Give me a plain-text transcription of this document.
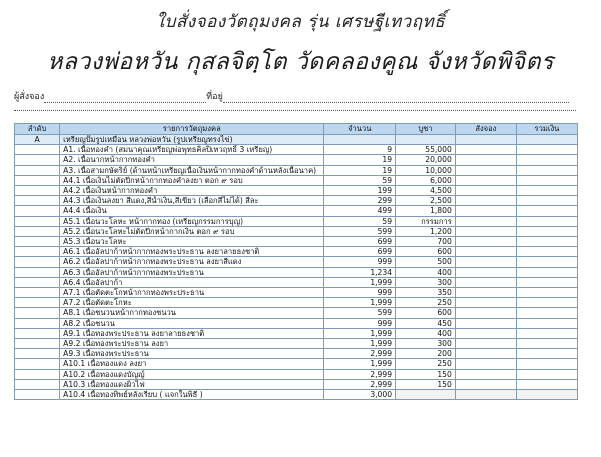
ใบสั่งจองวัตถุมงคล รุ่น เศรษฐีเทวฤทธิ์
หลวงพ่อหวัน กุสลจิตฺโต วัดคลองคูณ จังหวัดพิจิตร
ผู้สั่งจอง	ที่อยู่
ลำดับ	รายการวัตถุมงคล	จำนวน	บูชา	สั่งจอง	รวมเงิน
A	เหรียญปั๊มรูปเหมือน หลวงพ่อหวัน (รูปเหรียญทรงไข่)				
	A1. เนื้อทองคำ (สมนาคุณเหรียญพ่อพุทธคิลปิเทวฤทธิ์ 3 เหรียญ)	9	55,000		
	A2. เนื้อนากหน้ากากทองคำ	19	20,000		
	A3. เนื้อสามกษัตริย์ (ด้านหน้าเหรียญเนื้อเงินหน้ากากทองคำด้านหลังเนื้อนาค)	19	10,000		
	A4.1 เนื้อเงินไม่ตัดปีกหน้ากากทองคำลงยา ตอก ๙ รอบ	59	6,000		
	A4.2 เนื้อเงินหน้ากากทองคำ	199	4,500		
	A4.3 เนื้อเงินลงยา สีแดง,สีน้ำเงิน,สีเขียว (เลือกสีไม่ได้) สีละ	299	2,500		
	A4.4 เนื้อเงิน	499	1,800		
	A5.1 เนื้อนวะโลหะ หน้ากากทอง (เหรียญกรรมการบุญ)	59	กรรมการ		
	A5.2 เนื้อนวะโลหะไม่ตัดปีกหน้ากากเงิน ตอก ๙ รอบ	599	1,200		
	A5.3 เนื้อนวะโลหะ	699	700		
	A6.1 เนื้ออัลปาก้าหน้ากากทองพระประธาน ลงยาลายธงชาติ	699	600		
	A6.2 เนื้ออัลปาก้าหน้ากากทองพระประธาน ลงยาสีแดง	999	500		
	A6.3 เนื้ออัลปาก้าหน้ากากทองพระประธาน	1,234	400		
	A6.4 เนื้ออัลปาก้า	1,999	300		
	A7.1 เนื้อตัดตะโกหน้ากากทองพระประธาน	999	350		
	A7.2 เนื้อตัดตะโกหะ	1,999	250		
	A8.1 เนื้อชนวนหน้ากากทองชนวน	599	600		
	A8.2 เนื้อชนวน	999	450		
	A9.1 เนื้อทองพระประธาน ลงยาลายธงชาติ	1,999	400		
	A9.2 เนื้อทองพระประธาน ลงยา	1,999	300		
	A9.3 เนื้อทองพระประธาน	2,999	200		
	A10.1 เนื้อทองแดง ลงยา	1,999	250		
	A10.2 เนื้อทองแดงบัญญ์	2,999	150		
	A10.3 เนื้อทองแดงผิวไฟ	2,999	150		
	A10.4 เนื้อทองทิพย์หลังเรียบ ( แจกในพิธี )	3,000			
